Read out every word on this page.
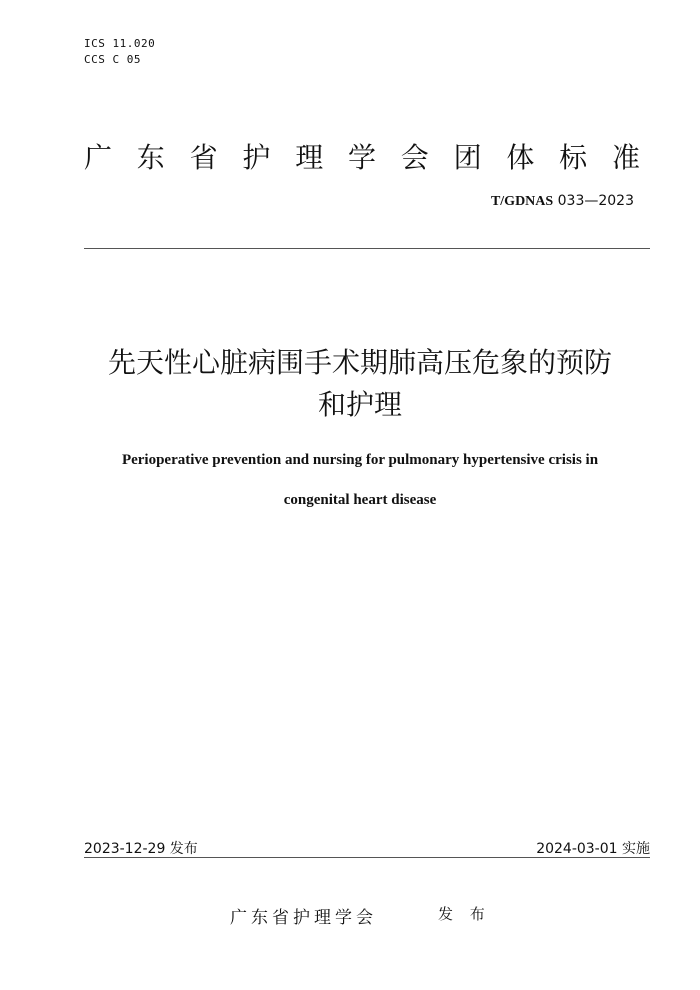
ICS 11.020
CCS C 05
广 东 省 护 理 学 会 团 体 标 准
T/GDNAS 033—2023
先天性心脏病围手术期肺高压危象的预防
和护理
Perioperative prevention and nursing for pulmonary hypertensive crisis in
congenital heart disease
2023-12-29 发布	2024-03-01 实施
广东省护理学会	发 布
